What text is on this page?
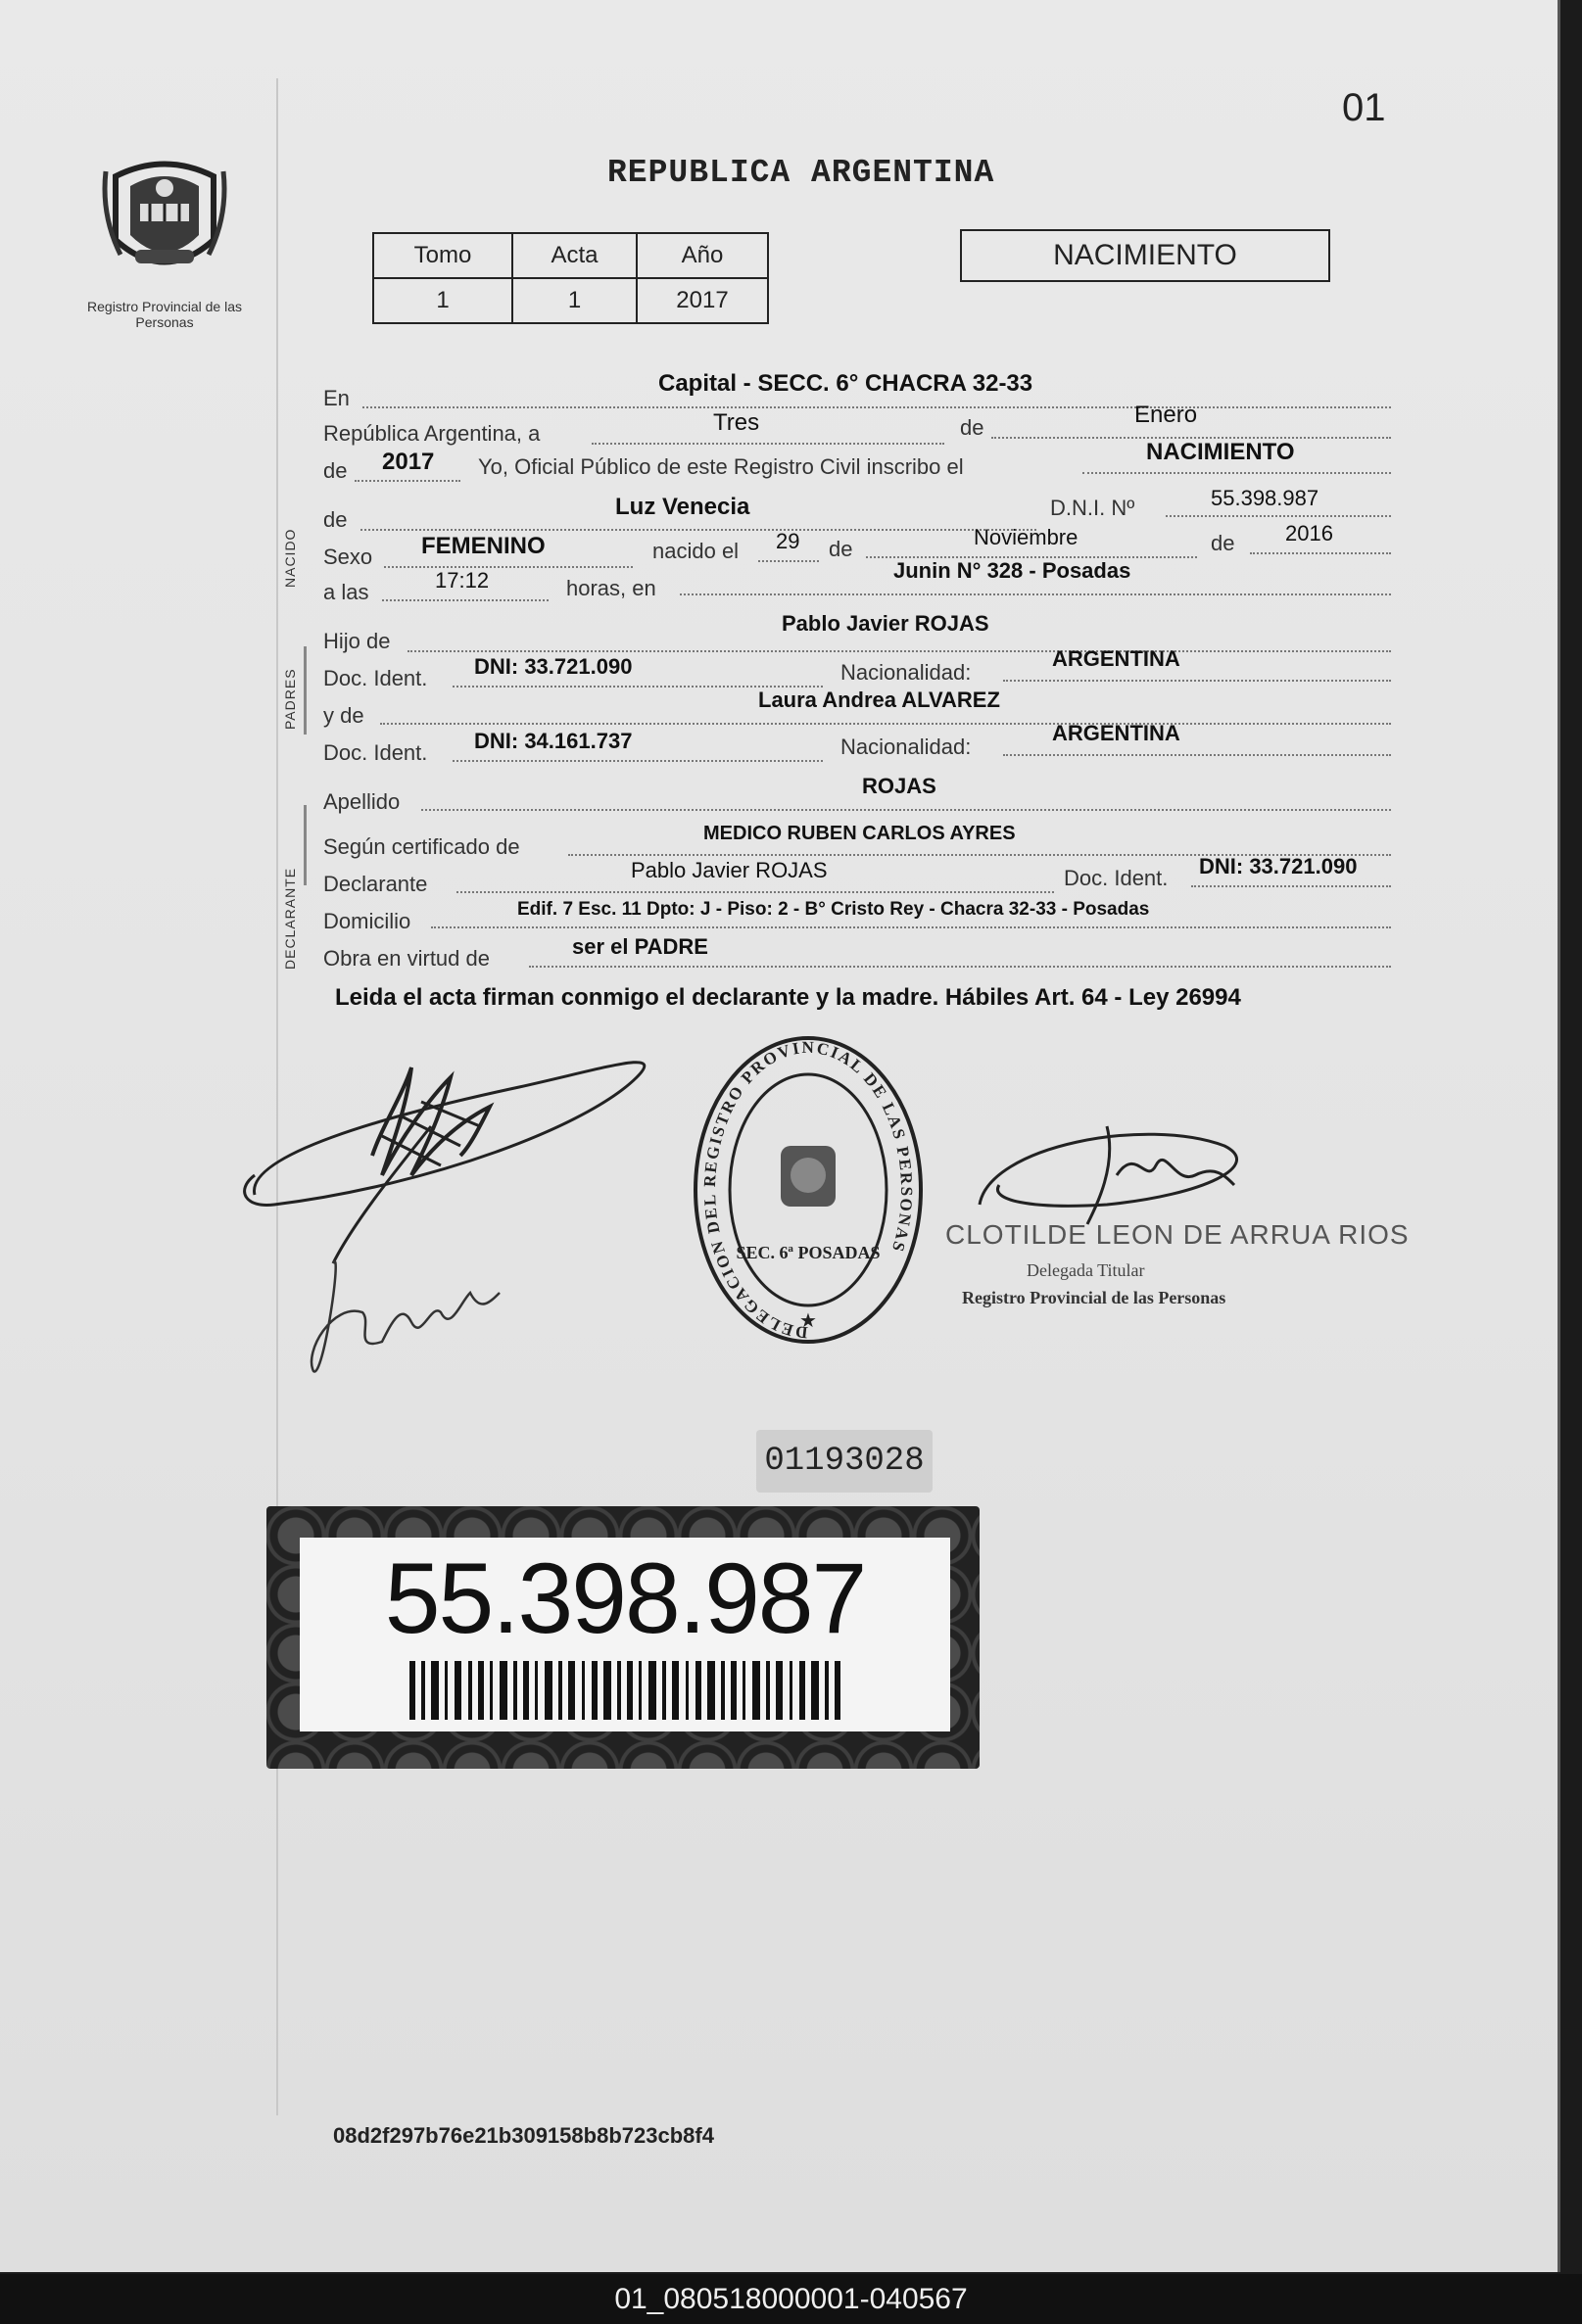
01
Registro Provincial de las Personas
REPUBLICA ARGENTINA
Tomo	Acta	Año
1	1	2017
NACIMIENTO
NACIDO
PADRES
DECLARANTE
En
Capital - SECC. 6° CHACRA 32-33
República Argentina, a	Tres	de	Enero
de 2017 Yo, Oficial Público de este Registro Civil inscribo el
NACIMIENTO
de	Luz Venecia	D.N.I. Nº	55.398.987
Sexo FEMENINO	nacido el 29 de	Noviembre	de 2016
a las	17:12	horas, en
Junin N° 328 - Posadas
Hijo de
Pablo Javier ROJAS
Doc. Ident. DNI: 33.721.090	Nacionalidad:
ARGENTINA
y de
Laura Andrea ALVAREZ
Doc. Ident. DNI: 34.161.737	Nacionalidad:
ARGENTINA
Apellido
ROJAS
Según certificado de
MEDICO RUBEN CARLOS AYRES
Declarante
Pablo Javier ROJAS	Doc. Ident. DNI: 33.721.090
Domicilio	Edif. 7 Esc. 11 Dpto: J - Piso: 2 - B° Cristo Rey - Chacra 32-33 - Posadas
Obra en virtud de	ser el PADRE
Leida el acta firman conmigo el declarante y la madre. Hábiles Art. 64 - Ley 26994
DELEGACION DEL REGISTRO PROVINCIAL DE LAS PERSONAS
SEC. 6ª POSADAS
★
CLOTILDE LEON DE ARRUA RIOS
Delegada Titular
Registro Provincial de las Personas
01193028
55.398.987
08d2f297b76e21b309158b8b723cb8f4
01_080518000001-040567
